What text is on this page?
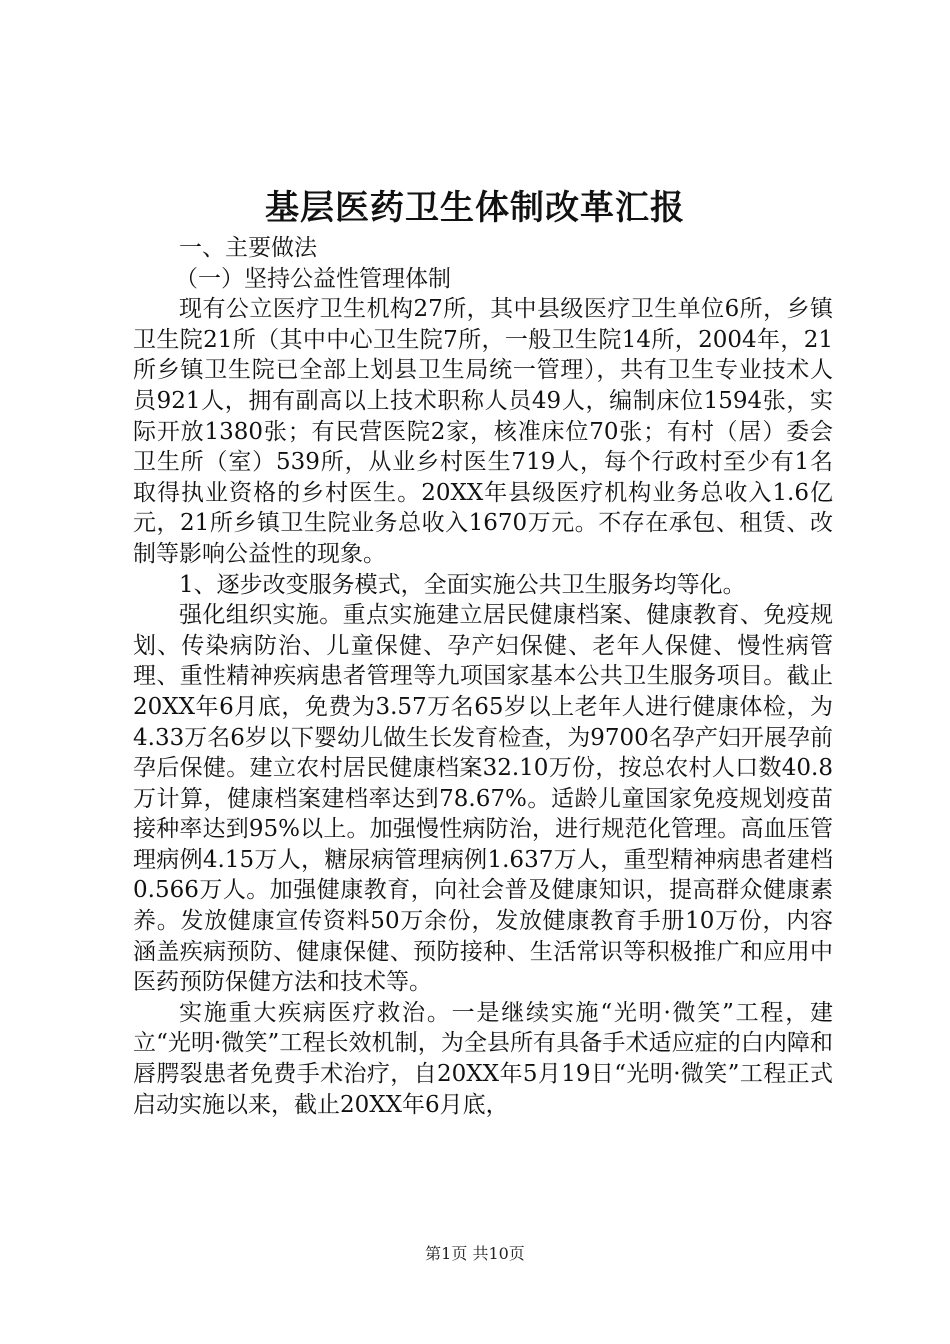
基层医药卫生体制改革汇报

一、主要做法

（一）坚持公益性管理体制

现有公立医疗卫生机构27所，其中县级医疗卫生单位6所，乡镇卫生院21所（其中中心卫生院7所，一般卫生院14所，2004年，21所乡镇卫生院已全部上划县卫生局统一管理），共有卫生专业技术人员921人，拥有副高以上技术职称人员49人，编制床位1594张，实际开放1380张；有民营医院2家，核准床位70张；有村（居）委会卫生所（室）539所，从业乡村医生719人，每个行政村至少有1名取得执业资格的乡村医生。20XX年县级医疗机构业务总收入1.6亿元，21所乡镇卫生院业务总收入1670万元。不存在承包、租赁、改制等影响公益性的现象。

1、逐步改变服务模式，全面实施公共卫生服务均等化。

强化组织实施。重点实施建立居民健康档案、健康教育、免疫规划、传染病防治、儿童保健、孕产妇保健、老年人保健、慢性病管理、重性精神疾病患者管理等九项国家基本公共卫生服务项目。截止20XX年6月底，免费为3.57万名65岁以上老年人进行健康体检，为4.33万名6岁以下婴幼儿做生长发育检查，为9700名孕产妇开展孕前孕后保健。建立农村居民健康档案32.10万份，按总农村人口数40.8万计算，健康档案建档率达到78.67%。适龄儿童国家免疫规划疫苗接种率达到95%以上。加强慢性病防治，进行规范化管理。高血压管理病例4.15万人，糖尿病管理病例1.637万人，重型精神病患者建档0.566万人。加强健康教育，向社会普及健康知识，提高群众健康素养。发放健康宣传资料50万余份，发放健康教育手册10万份，内容涵盖疾病预防、健康保健、预防接种、生活常识等积极推广和应用中医药预防保健方法和技术等。

实施重大疾病医疗救治。一是继续实施“光明·微笑”工程，建立“光明·微笑”工程长效机制，为全县所有具备手术适应症的白内障和唇腭裂患者免费手术治疗，自20XX年5月19日“光明·微笑”工程正式启动实施以来，截止20XX年6月底，

第1页 共10页
